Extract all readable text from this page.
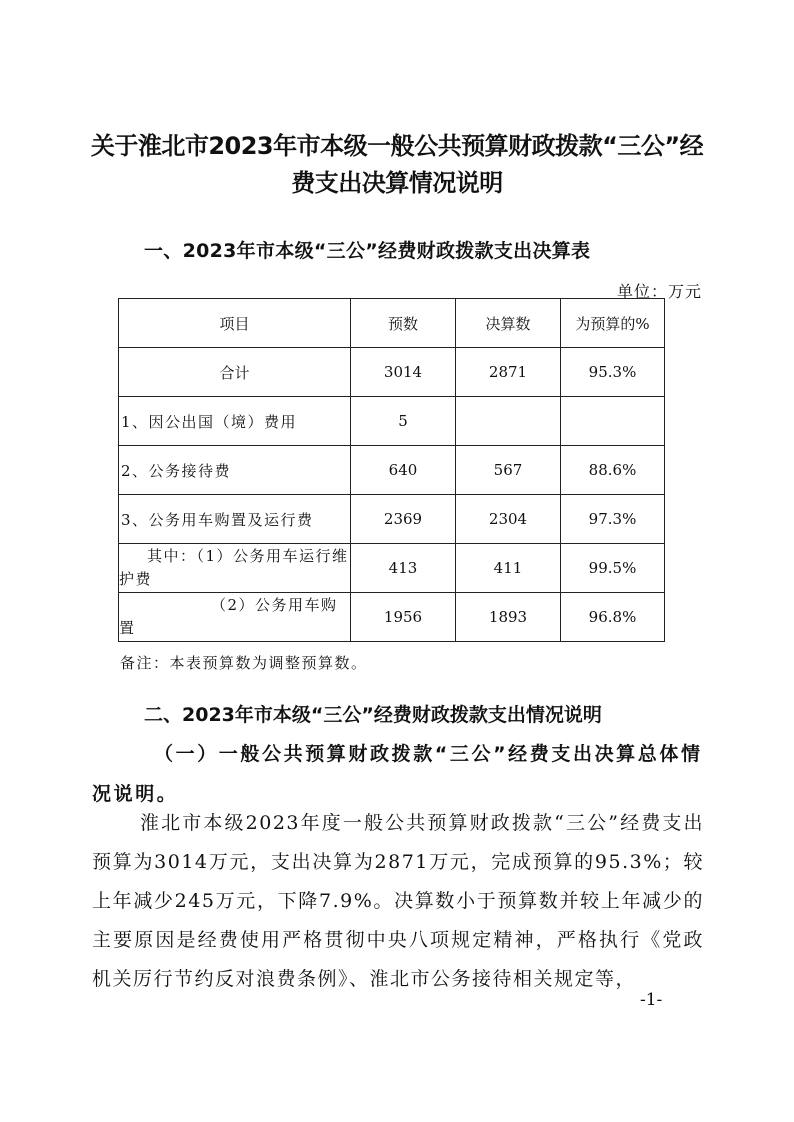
关于淮北市2023年市本级一般公共预算财政拨款“三公”经费支出决算情况说明
一、2023年市本级“三公”经费财政拨款支出决算表
单位：万元
项目	预数	决算数	为预算的%
合计	3014	2871	95.3%
1、因公出国（境）费用	5		
2、公务接待费	640	567	88.6%
3、公务用车购置及运行费	2369	2304	97.3%
其中：（1）公务用车运行维护费	413	411	99.5%
（2）公务用车购置	1956	1893	96.8%
备注：本表预算数为调整预算数。
二、2023年市本级“三公”经费财政拨款支出情况说明

（一）一般公共预算财政拨款“三公”经费支出决算总体情况说明。

淮北市本级2023年度一般公共预算财政拨款“三公”经费支出预算为3014万元，支出决算为2871万元，完成预算的95.3%；较上年减少245万元，下降7.9%。决算数小于预算数并较上年减少的主要原因是经费使用严格贯彻中央八项规定精神，严格执行《党政机关厉行节约反对浪费条例》、淮北市公务接待相关规定等，

-1-
